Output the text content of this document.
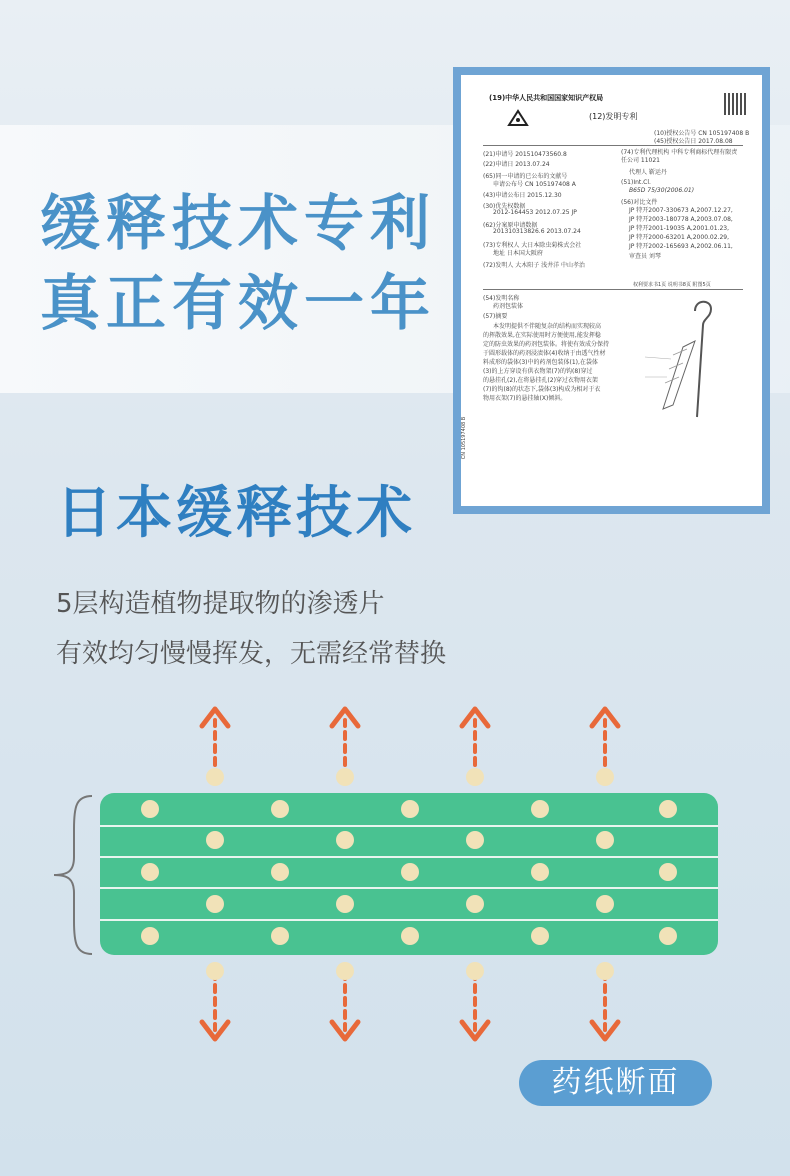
缓释技术专利
真正有效一年
(19)中华人民共和国国家知识产权局
(12)发明专利
(10)授权公告号 CN 105197408 B
(45)授权公告日 2017.08.08
(21)申请号 201510473560.8
(22)申请日 2013.07.24
(65)同一申请的已公布的文献号
申请公布号 CN 105197408 A
(43)申请公布日 2015.12.30
(30)优先权数据
2012-164453 2012.07.25 JP
(62)分案原申请数据
201310313826.6 2013.07.24
(73)专利权人 大日本除虫菊株式会社
地址 日本国大阪府
(72)发明人 大木阳子 浅井洋 中山孝治
(74)专利代理机构 中科专利商标代理有限责任公司 11021
代理人 靳运丹
(51)Int.Cl.
B65D 75/30(2006.01)
(56)对比文件
JP 特开2007-330673 A,2007.12.27,
JP 特开2003-180778 A,2003.07.08,
JP 特开2001-19035 A,2001.01.23,
JP 特开2000-63201 A,2000.02.29,
JP 特开2002-165693 A,2002.06.11,
审查员 刘琴
权利要求书1页 说明书8页 附图5页
(54)发明名称
药剂包装体
(57)摘要
本发明提供不伴随复杂的结构而实现较高
的挥散效果,在实际使用时方便使用,能发挥稳
定的防虫效果的药剂包装体。将使有效成分保持
于圆形载体的药剂浸渍体(4)收纳于由透气性材
料成形的袋体(3)中的药剂包装体(1),在袋体
(3)的上方穿设有供衣物架(7)的钩(8)穿过
的悬挂孔(2),在将悬挂孔(2)穿过衣物用衣架
(7)的钩(8)的状态下,袋体(3)构成为相对于衣
物用衣架(7)的悬挂轴(X)倾斜。
CN 105197408 B
日本缓释技术
5层构造植物提取物的渗透片
有效均匀慢慢挥发，无需经常替换
药纸断面
